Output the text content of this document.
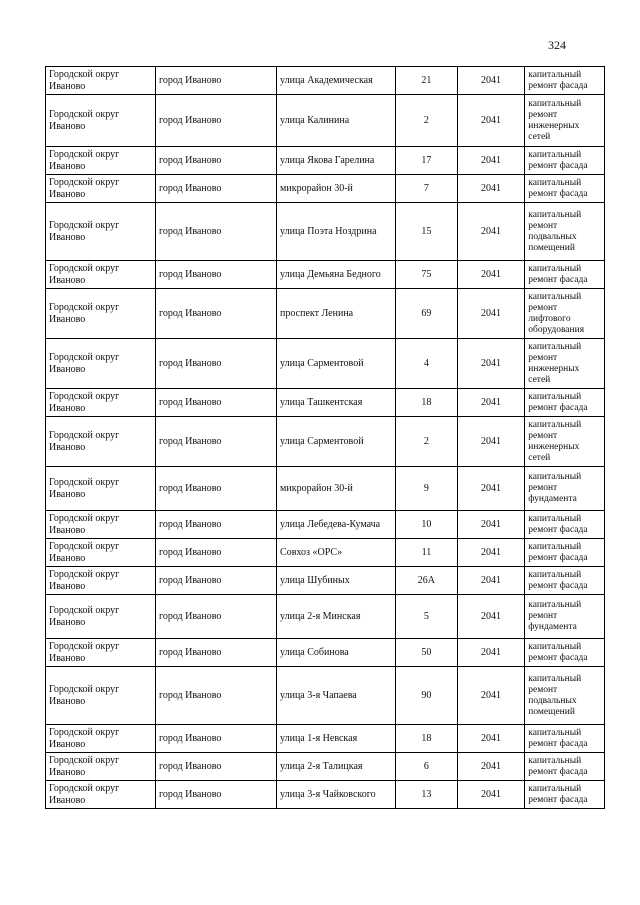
324
Городской округ Иваново	город Иваново	улица Академическая	21	2041	капитальный ремонт фасада
Городской округ Иваново	город Иваново	улица Калинина	2	2041	капитальный ремонт инженерных сетей
Городской округ Иваново	город Иваново	улица Якова Гарелина	17	2041	капитальный ремонт фасада
Городской округ Иваново	город Иваново	микрорайон 30-й	7	2041	капитальный ремонт фасада
Городской округ Иваново	город Иваново	улица Поэта Ноздрина	15	2041	капитальный ремонт подвальных помещений
Городской округ Иваново	город Иваново	улица Демьяна Бедного	75	2041	капитальный ремонт фасада
Городской округ Иваново	город Иваново	проспект Ленина	69	2041	капитальный ремонт лифтового оборудования
Городской округ Иваново	город Иваново	улица Сарментовой	4	2041	капитальный ремонт инженерных сетей
Городской округ Иваново	город Иваново	улица Ташкентская	18	2041	капитальный ремонт фасада
Городской округ Иваново	город Иваново	улица Сарментовой	2	2041	капитальный ремонт инженерных сетей
Городской округ Иваново	город Иваново	микрорайон 30-й	9	2041	капитальный ремонт фундамента
Городской округ Иваново	город Иваново	улица Лебедева-Кумача	10	2041	капитальный ремонт фасада
Городской округ Иваново	город Иваново	Совхоз «ОРС»	11	2041	капитальный ремонт фасада
Городской округ Иваново	город Иваново	улица Шубиных	26А	2041	капитальный ремонт фасада
Городской округ Иваново	город Иваново	улица 2-я Минская	5	2041	капитальный ремонт фундамента
Городской округ Иваново	город Иваново	улица Собинова	50	2041	капитальный ремонт фасада
Городской округ Иваново	город Иваново	улица 3-я Чапаева	90	2041	капитальный ремонт подвальных помещений
Городской округ Иваново	город Иваново	улица 1-я Невская	18	2041	капитальный ремонт фасада
Городской округ Иваново	город Иваново	улица 2-я Талицкая	6	2041	капитальный ремонт фасада
Городской округ Иваново	город Иваново	улица 3-я Чайковского	13	2041	капитальный ремонт фасада
